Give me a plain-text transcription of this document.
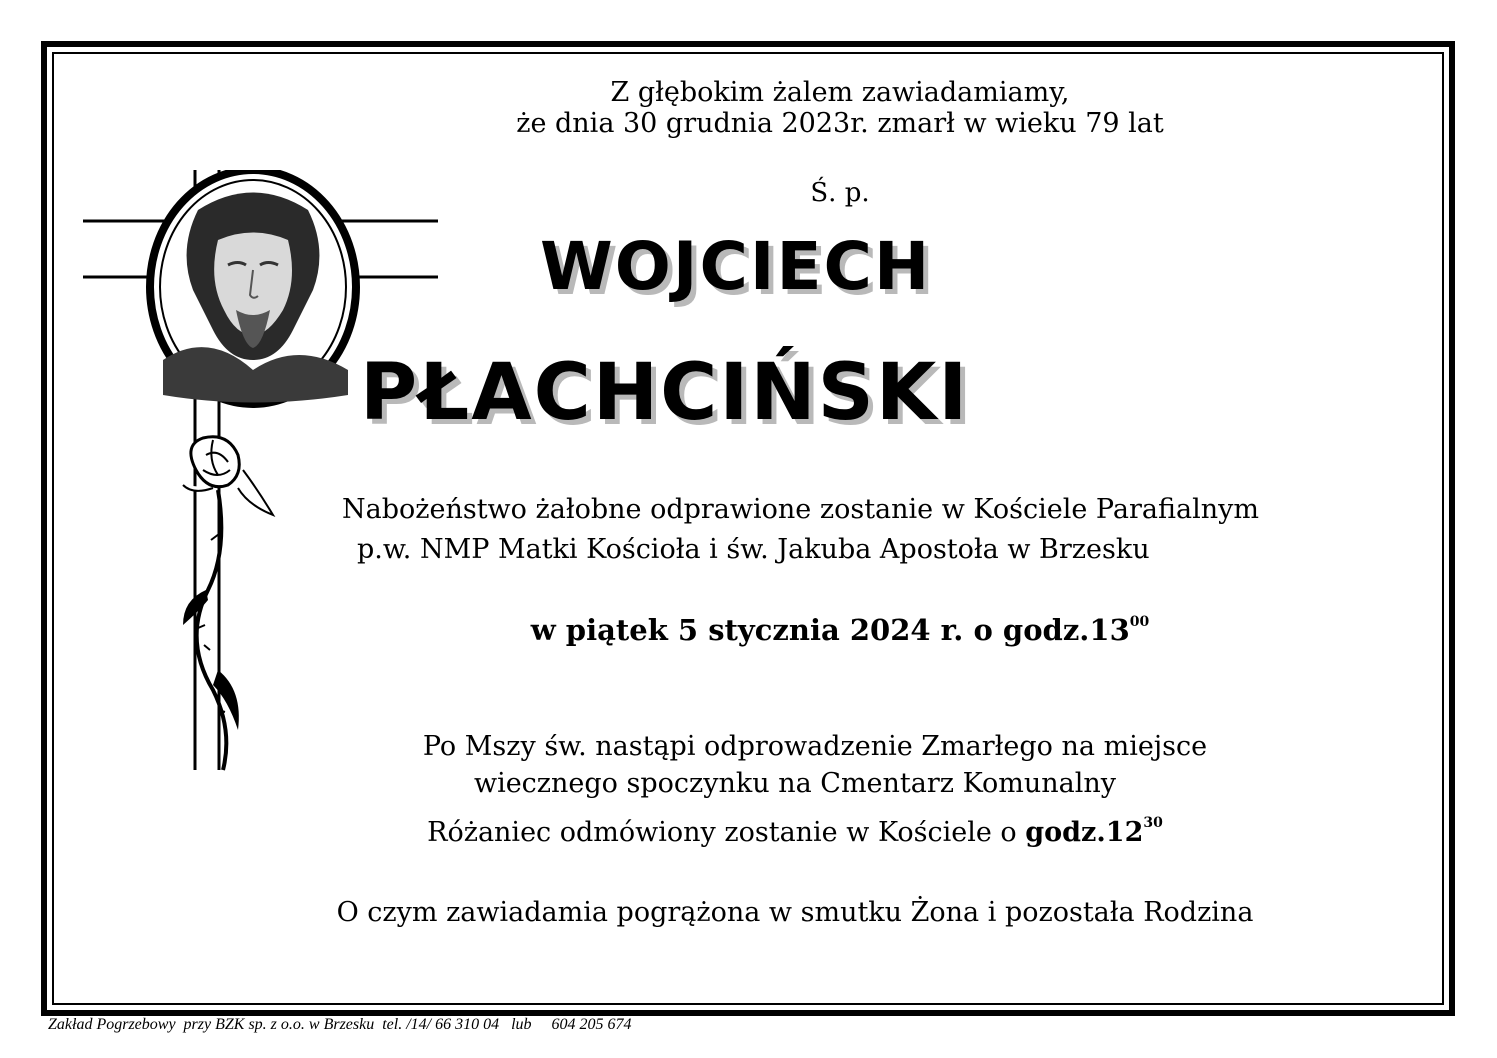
Z głębokim żalem zawiadamiamy,
że dnia 30 grudnia 2023r. zmarł w wieku 79 lat
Ś. p.
WOJCIECH
PŁACHCIŃSKI
Nabożeństwo żałobne odprawione zostanie w Kościele Parafialnym
p.w. NMP Matki Kościoła i św. Jakuba Apostoła w Brzesku
w piątek 5 stycznia 2024 r. o $godz.13^{00}$
Po Mszy św. nastąpi odprowadzenie Zmarłego na miejsce
wiecznego spoczynku na Cmentarz Komunalny
Różaniec odmówiony zostanie w Kościele o $godz.12^{30}$
O czym zawiadamia pogrążona w smutku Żona i pozostała Rodzina
Zakład Pogrzebowy  przy BZK sp. z o.o. w Brzesku  tel. /14/ 66 310 04   lub     604 205 674
